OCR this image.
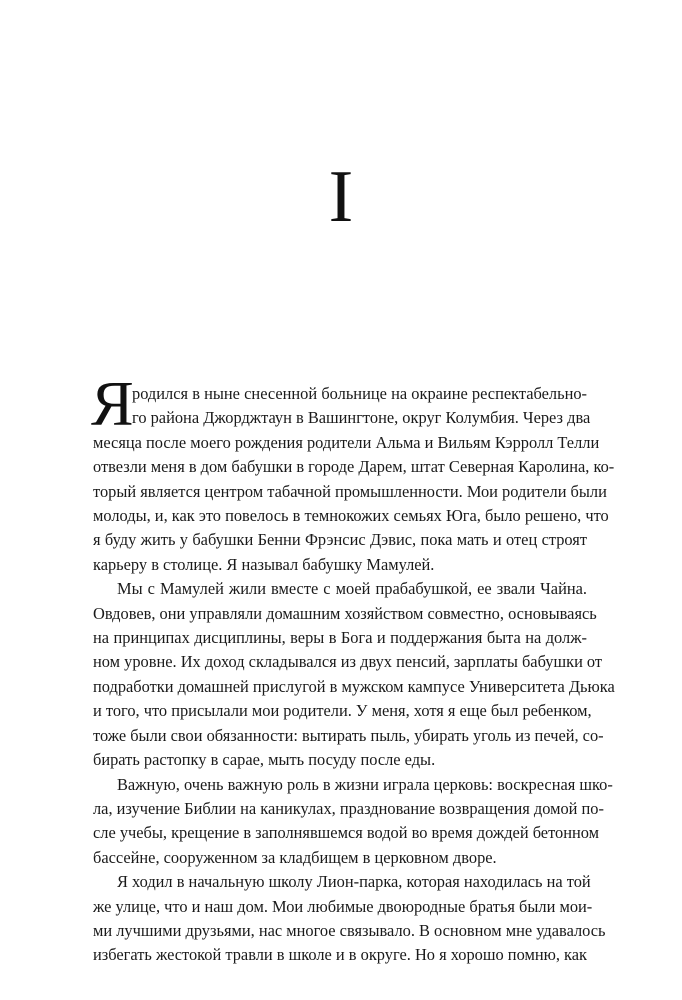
I

Я
родился в ныне снесенной больнице на окраине респектабельно-
го района Джорджтаун в Вашингтоне, округ Колумбия. Через два
месяца после моего рождения родители Альма и Вильям Кэрролл Телли
отвезли меня в дом бабушки в городе Дарем, штат Северная Каролина, ко-
торый является центром табачной промышленности. Мои родители были
молоды, и, как это повелось в темнокожих семьях Юга, было решено, что
я буду жить у бабушки Бенни Фрэнсис Дэвис, пока мать и отец строят
карьеру в столице. Я называл бабушку Мамулей.

Мы с Мамулей жили вместе с моей прабабушкой, ее звали Чайна.
Овдовев, они управляли домашним хозяйством совместно, основываясь
на принципах дисциплины, веры в Бога и поддержания быта на долж-
ном уровне. Их доход складывался из двух пенсий, зарплаты бабушки от
подработки домашней прислугой в мужском кампусе Университета Дьюка
и того, что присылали мои родители. У меня, хотя я еще был ребенком,
тоже были свои обязанности: вытирать пыль, убирать уголь из печей, со-
бирать растопку в сарае, мыть посуду после еды.

Важную, очень важную роль в жизни играла церковь: воскресная шко-
ла, изучение Библии на каникулах, празднование возвращения домой по-
сле учебы, крещение в заполнявшемся водой во время дождей бетонном
бассейне, сооруженном за кладбищем в церковном дворе.

Я ходил в начальную школу Лион-парка, которая находилась на той
же улице, что и наш дом. Мои любимые двоюродные братья были мои-
ми лучшими друзьями, нас многое связывало. В основном мне удавалось
избегать жестокой травли в школе и в округе. Но я хорошо помню, как
